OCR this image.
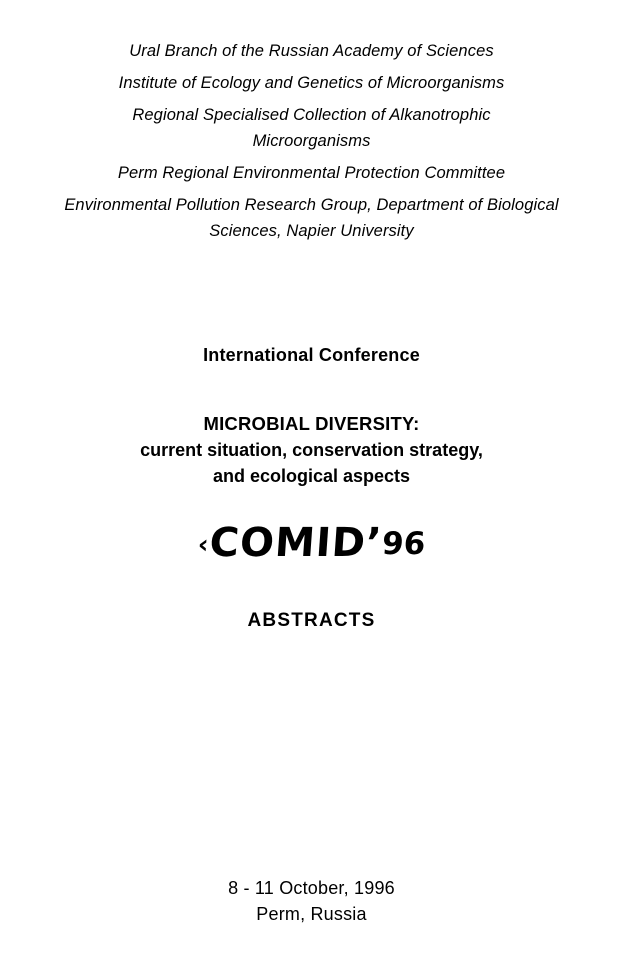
Ural Branch of the Russian Academy of Sciences
Institute of Ecology and Genetics of Microorganisms
Regional Specialised Collection of Alkanotrophic Microorganisms
Perm Regional Environmental Protection Committee
Environmental Pollution Research Group, Department of Biological Sciences, Napier University
International Conference
MICROBIAL DIVERSITY:
current situation, conservation strategy,
and ecological aspects
‹COMID’96
ABSTRACTS
8 - 11 October, 1996
Perm, Russia
